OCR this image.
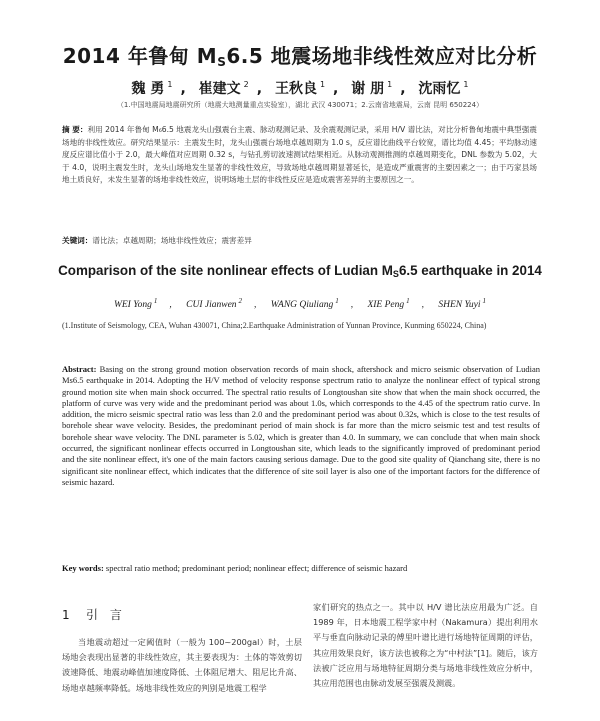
2014 年鲁甸 $M_S6.5$ 地震场地非线性效应对比分析
魏 勇 $^1$ , 崔建文 $^2$ , 王秋良 $^1$ , 谢 朋 $^1$ , 沈雨忆 $^1$
（1.中国地震局地震研究所（地震大地测量重点实验室），湖北 武汉 430071；2.云南省地震局，云南 昆明 650224）
摘 要：利用 2014 年鲁甸 M₆6.5 地震龙头山强震台主震、脉动观测记录、及余震观测记录，采用 H/V 谱比法，对比分析鲁甸地震中典型强震场地的非线性效应。研究结果显示：主震发生时，龙头山强震台场地卓越周期为 1.0 s，反应谱比曲线平台较宽，谱比均值 4.45；平均脉动速度反应谱比值小于 2.0，最大峰值对应周期 0.32 s，与钻孔剪切波速测试结果相近。从脉动观测推测的卓越周期变化，DNL 参数为 5.02，大于 4.0，说明主震发生时，龙头山场地发生显著的非线性效应，导致场地卓越周期显著延长，是造成严重震害的主要因素之一；由于巧家县场地土质良好，未发生显著的场地非线性效应，说明场地土层的非线性反应是造成震害差异的主要原因之一。
关键词：谱比法；卓越周期；场地非线性效应；震害差异
Comparison of the site nonlinear effects of Ludian $M_S6.5$ earthquake in 2014
WEI Yong $^1$ , CUI Jianwen $^2$ , WANG Qiuliang $^1$ , XIE Peng $^1$ , SHEN Yuyi $^1$
(1.Institute of Seismology, CEA, Wuhan 430071, China;2.Earthquake Administration of Yunnan Province, Kunming 650224, China)
Abstract: Basing on the strong ground motion observation records of main shock, aftershock and micro seismic observation of Ludian Ms6.5 earthquake in 2014. Adopting the H/V method of velocity response spectrum ratio to analyze the nonlinear effect of typical strong ground motion site when main shock occurred. The spectral ratio results of Longtoushan site show that when the main shock occurred, the platform of curve was very wide and the predominant period was about 1.0s, which corresponds to the 4.45 of the spectrum ratio curve. In addition, the micro seismic spectral ratio was less than 2.0 and the predominant period was about 0.32s, which is close to the test results of borehole shear wave velocity. Besides, the predominant period of main shock is far more than the micro seismic test and test results of borehole shear wave velocity. The DNL parameter is 5.02, which is greater than 4.0. In summary, we can conclude that when main shock occurred, the significant nonlinear effects occurred in Longtoushan site, which leads to the significantly improved of predominant period and the site nonlinear effect, it's one of the main factors causing serious damage. Due to the good site quality of Qianchang site, there is no significant site nonlinear effect, which indicates that the difference of site soil layer is also one of the important factors for the difference of seismic hazard.
Key words: spectral ratio method; predominant period; nonlinear effect; difference of seismic hazard
1 引 言

当地震动超过一定阈值时（一般为 100~200gal）时，土层场地会表现出显著的非线性效应，其主要表现为：土体的等效剪切波速降低、地震动峰值加速度降低、土体阻尼增大、阻尼比升高、场地卓越频率降低。场地非线性效应的判别是地震工程学

家们研究的热点之一。其中以 H/V 谱比法应用最为广泛。自 1989 年，日本地震工程学家中村（Nakamura）提出利用水平与垂直向脉动记录的傅里叶谱比进行场地特征周期的评估，其应用效果良好，该方法也被称之为“中村法”[1]。随后，该方法被广泛应用与场地特征周期分类与场地非线性效应分析中，其应用范围也由脉动发展至强震及测震。
